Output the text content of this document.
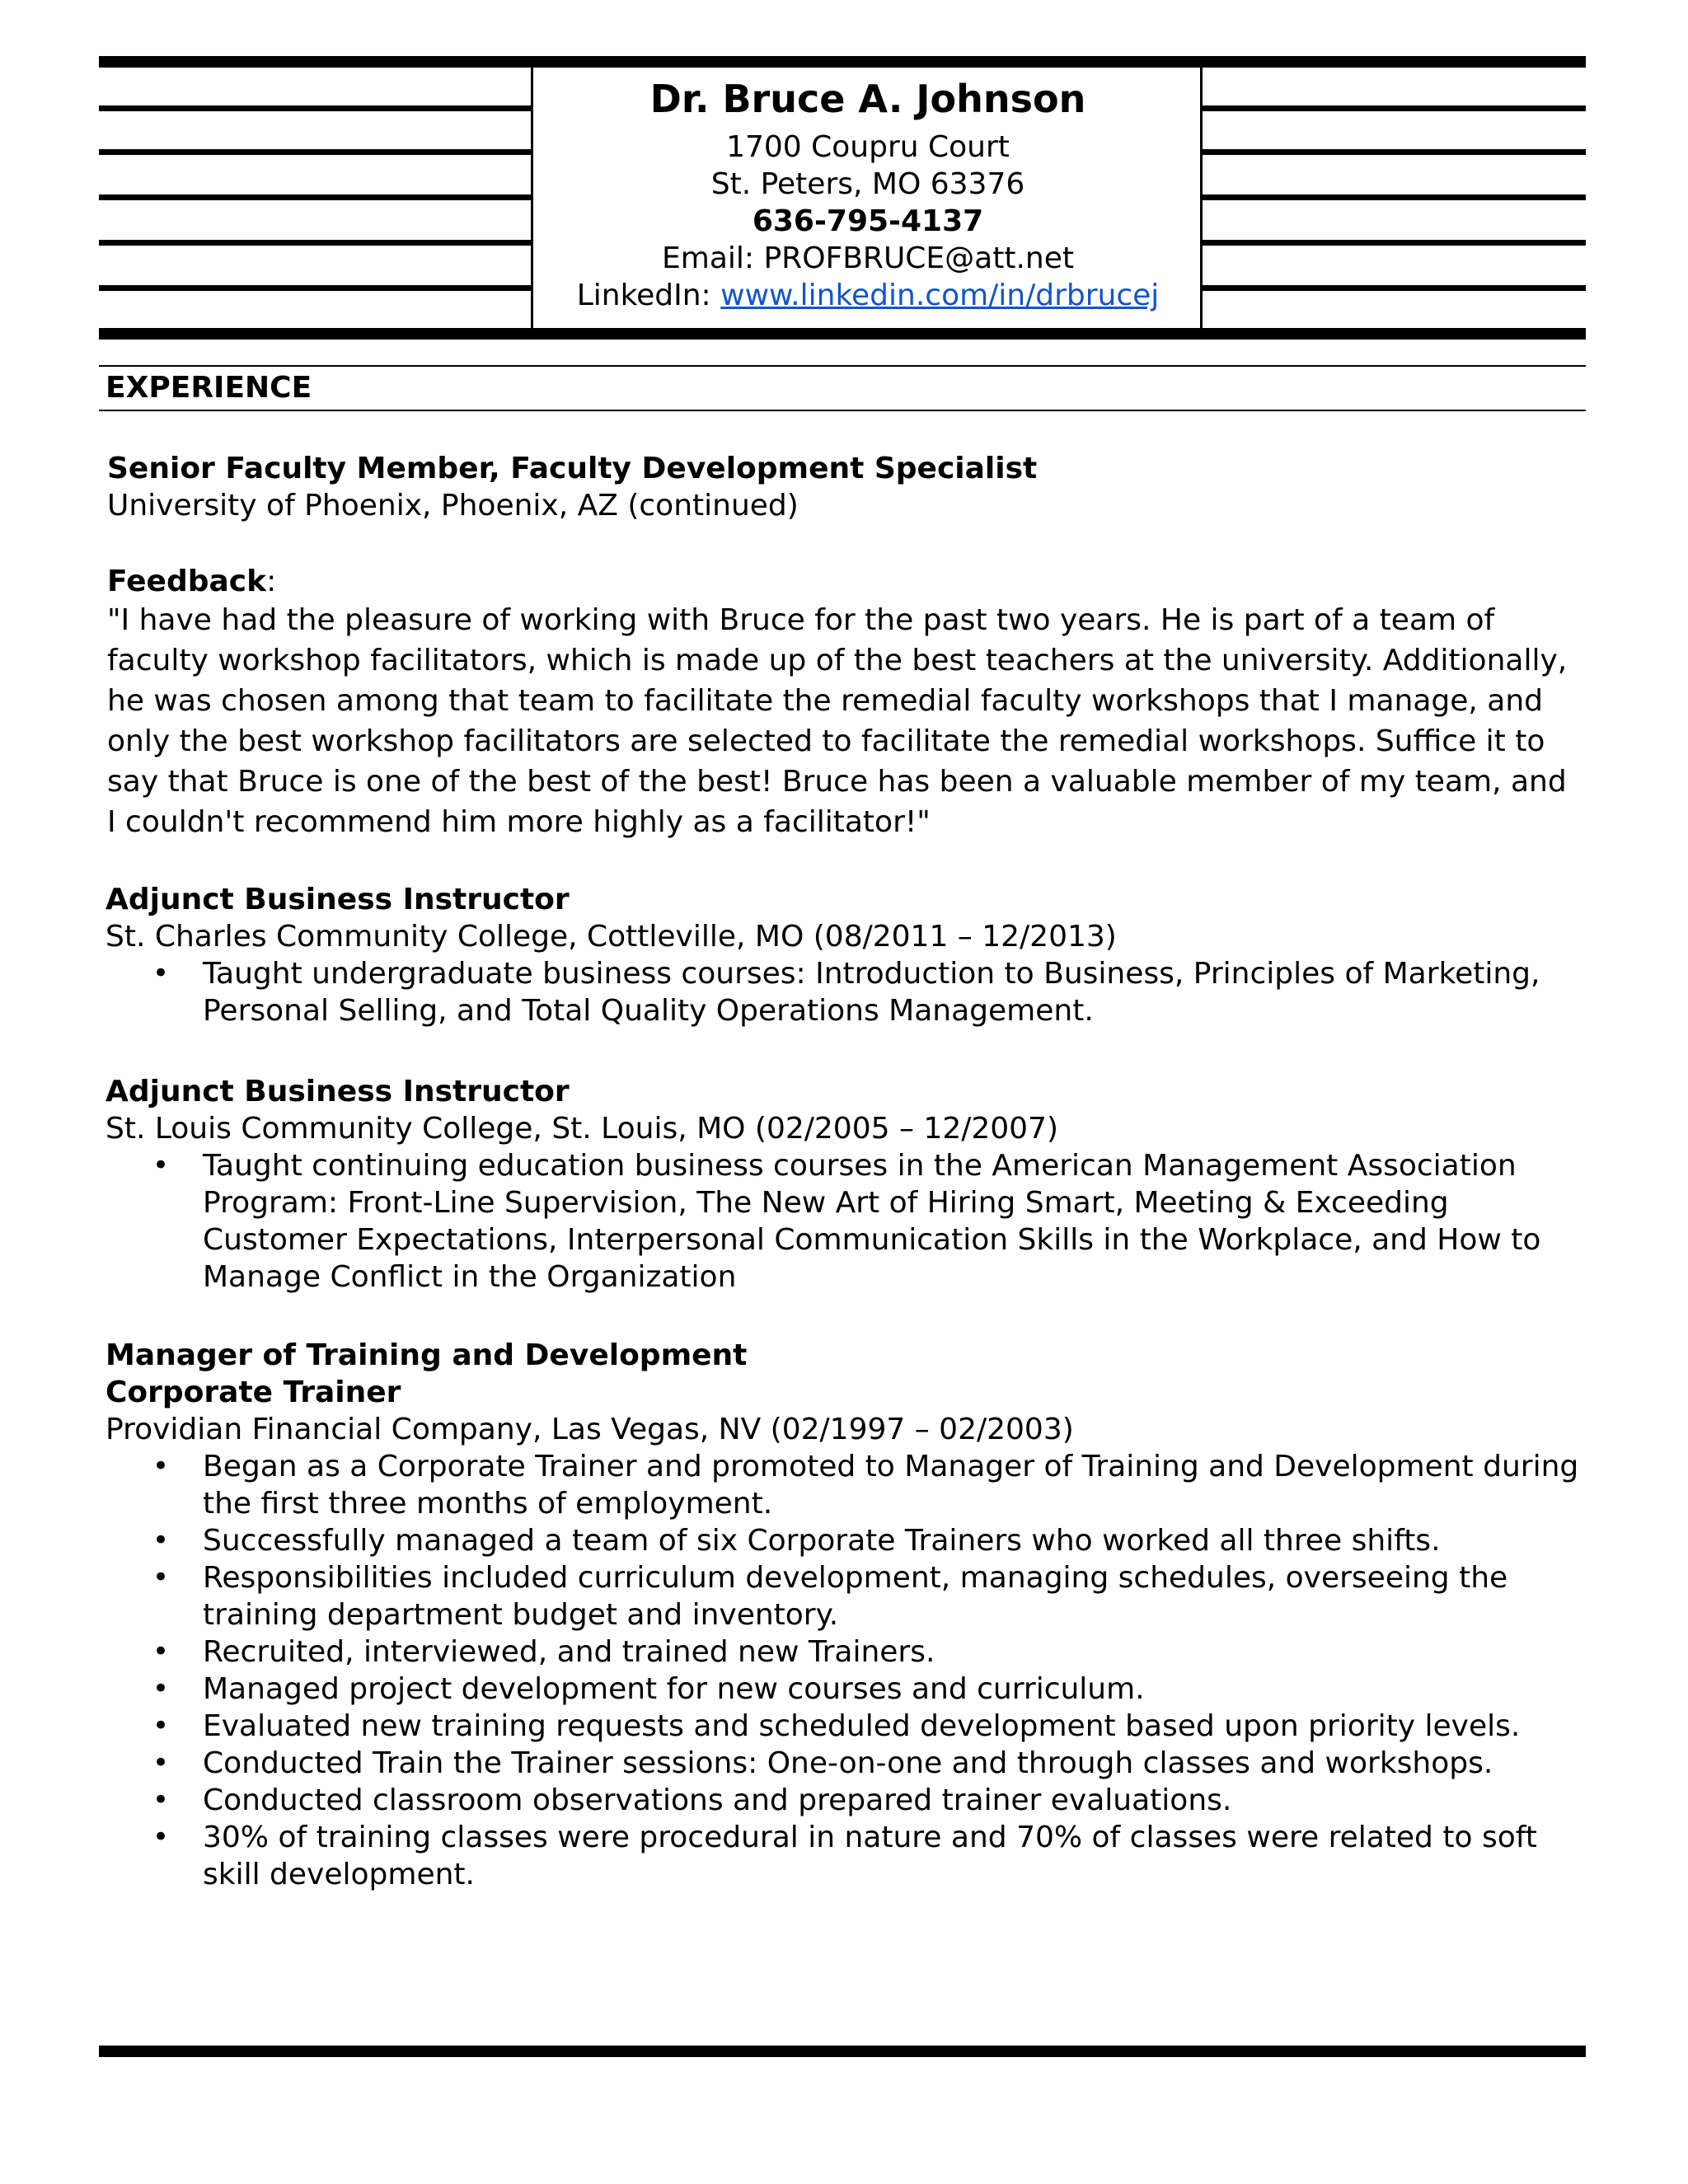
Dr. Bruce A. Johnson
1700 Coupru Court
St. Peters, MO 63376
636-795-4137
Email: PROFBRUCE@att.net
LinkedIn: www.linkedin.com/in/drbrucej
EXPERIENCE
Senior Faculty Member, Faculty Development Specialist
University of Phoenix, Phoenix, AZ (continued)
Feedback:

"I have had the pleasure of working with Bruce for the past two years. He is part of a team of faculty workshop facilitators, which is made up of the best teachers at the university. Additionally, he was chosen among that team to facilitate the remedial faculty workshops that I manage, and only the best workshop facilitators are selected to facilitate the remedial workshops. Suffice it to say that Bruce is one of the best of the best! Bruce has been a valuable member of my team, and I couldn't recommend him more highly as a facilitator!"

Adjunct Business Instructor
St. Charles Community College, Cottleville, MO (08/2011 – 12/2013)
• Taught undergraduate business courses: Introduction to Business, Principles of Marketing, Personal Selling, and Total Quality Operations Management.
Adjunct Business Instructor
St. Louis Community College, St. Louis, MO (02/2005 – 12/2007)
• Taught continuing education business courses in the American Management Association Program: Front-Line Supervision, The New Art of Hiring Smart, Meeting & Exceeding Customer Expectations, Interpersonal Communication Skills in the Workplace, and How to Manage Conflict in the Organization
Manager of Training and Development
Corporate Trainer
Providian Financial Company, Las Vegas, NV (02/1997 – 02/2003)
• Began as a Corporate Trainer and promoted to Manager of Training and Development during the first three months of employment.
• Successfully managed a team of six Corporate Trainers who worked all three shifts.
• Responsibilities included curriculum development, managing schedules, overseeing the training department budget and inventory.
• Recruited, interviewed, and trained new Trainers.
• Managed project development for new courses and curriculum.
• Evaluated new training requests and scheduled development based upon priority levels.
• Conducted Train the Trainer sessions: One-on-one and through classes and workshops.
• Conducted classroom observations and prepared trainer evaluations.
• 30% of training classes were procedural in nature and 70% of classes were related to soft skill development.
